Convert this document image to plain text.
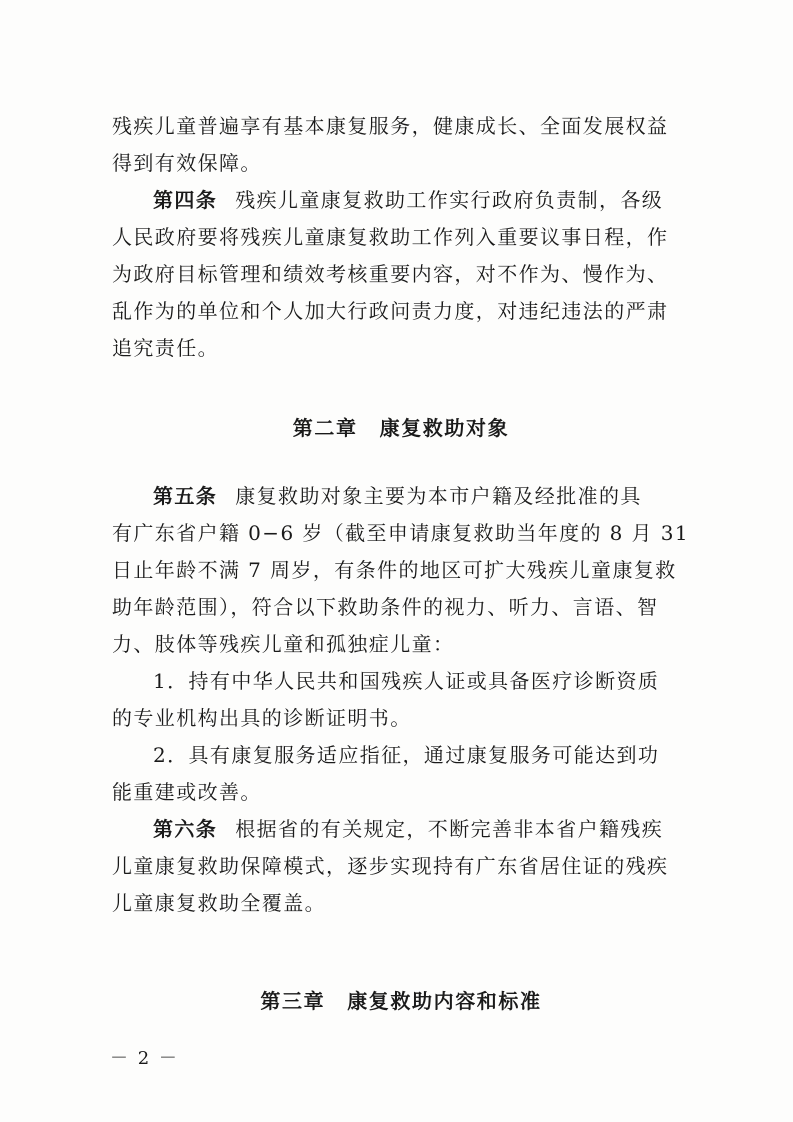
残疾儿童普遍享有基本康复服务，健康成长、全面发展权益
得到有效保障。
第四条 残疾儿童康复救助工作实行政府负责制，各级
人民政府要将残疾儿童康复救助工作列入重要议事日程，作
为政府目标管理和绩效考核重要内容，对不作为、慢作为、
乱作为的单位和个人加大行政问责力度，对违纪违法的严肃
追究责任。
第二章 康复救助对象
第五条 康复救助对象主要为本市户籍及经批准的具
有广东省户籍 0−6 岁（截至申请康复救助当年度的 8 月 31
日止年龄不满 7 周岁，有条件的地区可扩大残疾儿童康复救
助年龄范围），符合以下救助条件的视力、听力、言语、智
力、肢体等残疾儿童和孤独症儿童：
1．持有中华人民共和国残疾人证或具备医疗诊断资质
的专业机构出具的诊断证明书。
2．具有康复服务适应指征，通过康复服务可能达到功
能重建或改善。
第六条 根据省的有关规定，不断完善非本省户籍残疾
儿童康复救助保障模式，逐步实现持有广东省居住证的残疾
儿童康复救助全覆盖。
第三章 康复救助内容和标准
－ 2 －
